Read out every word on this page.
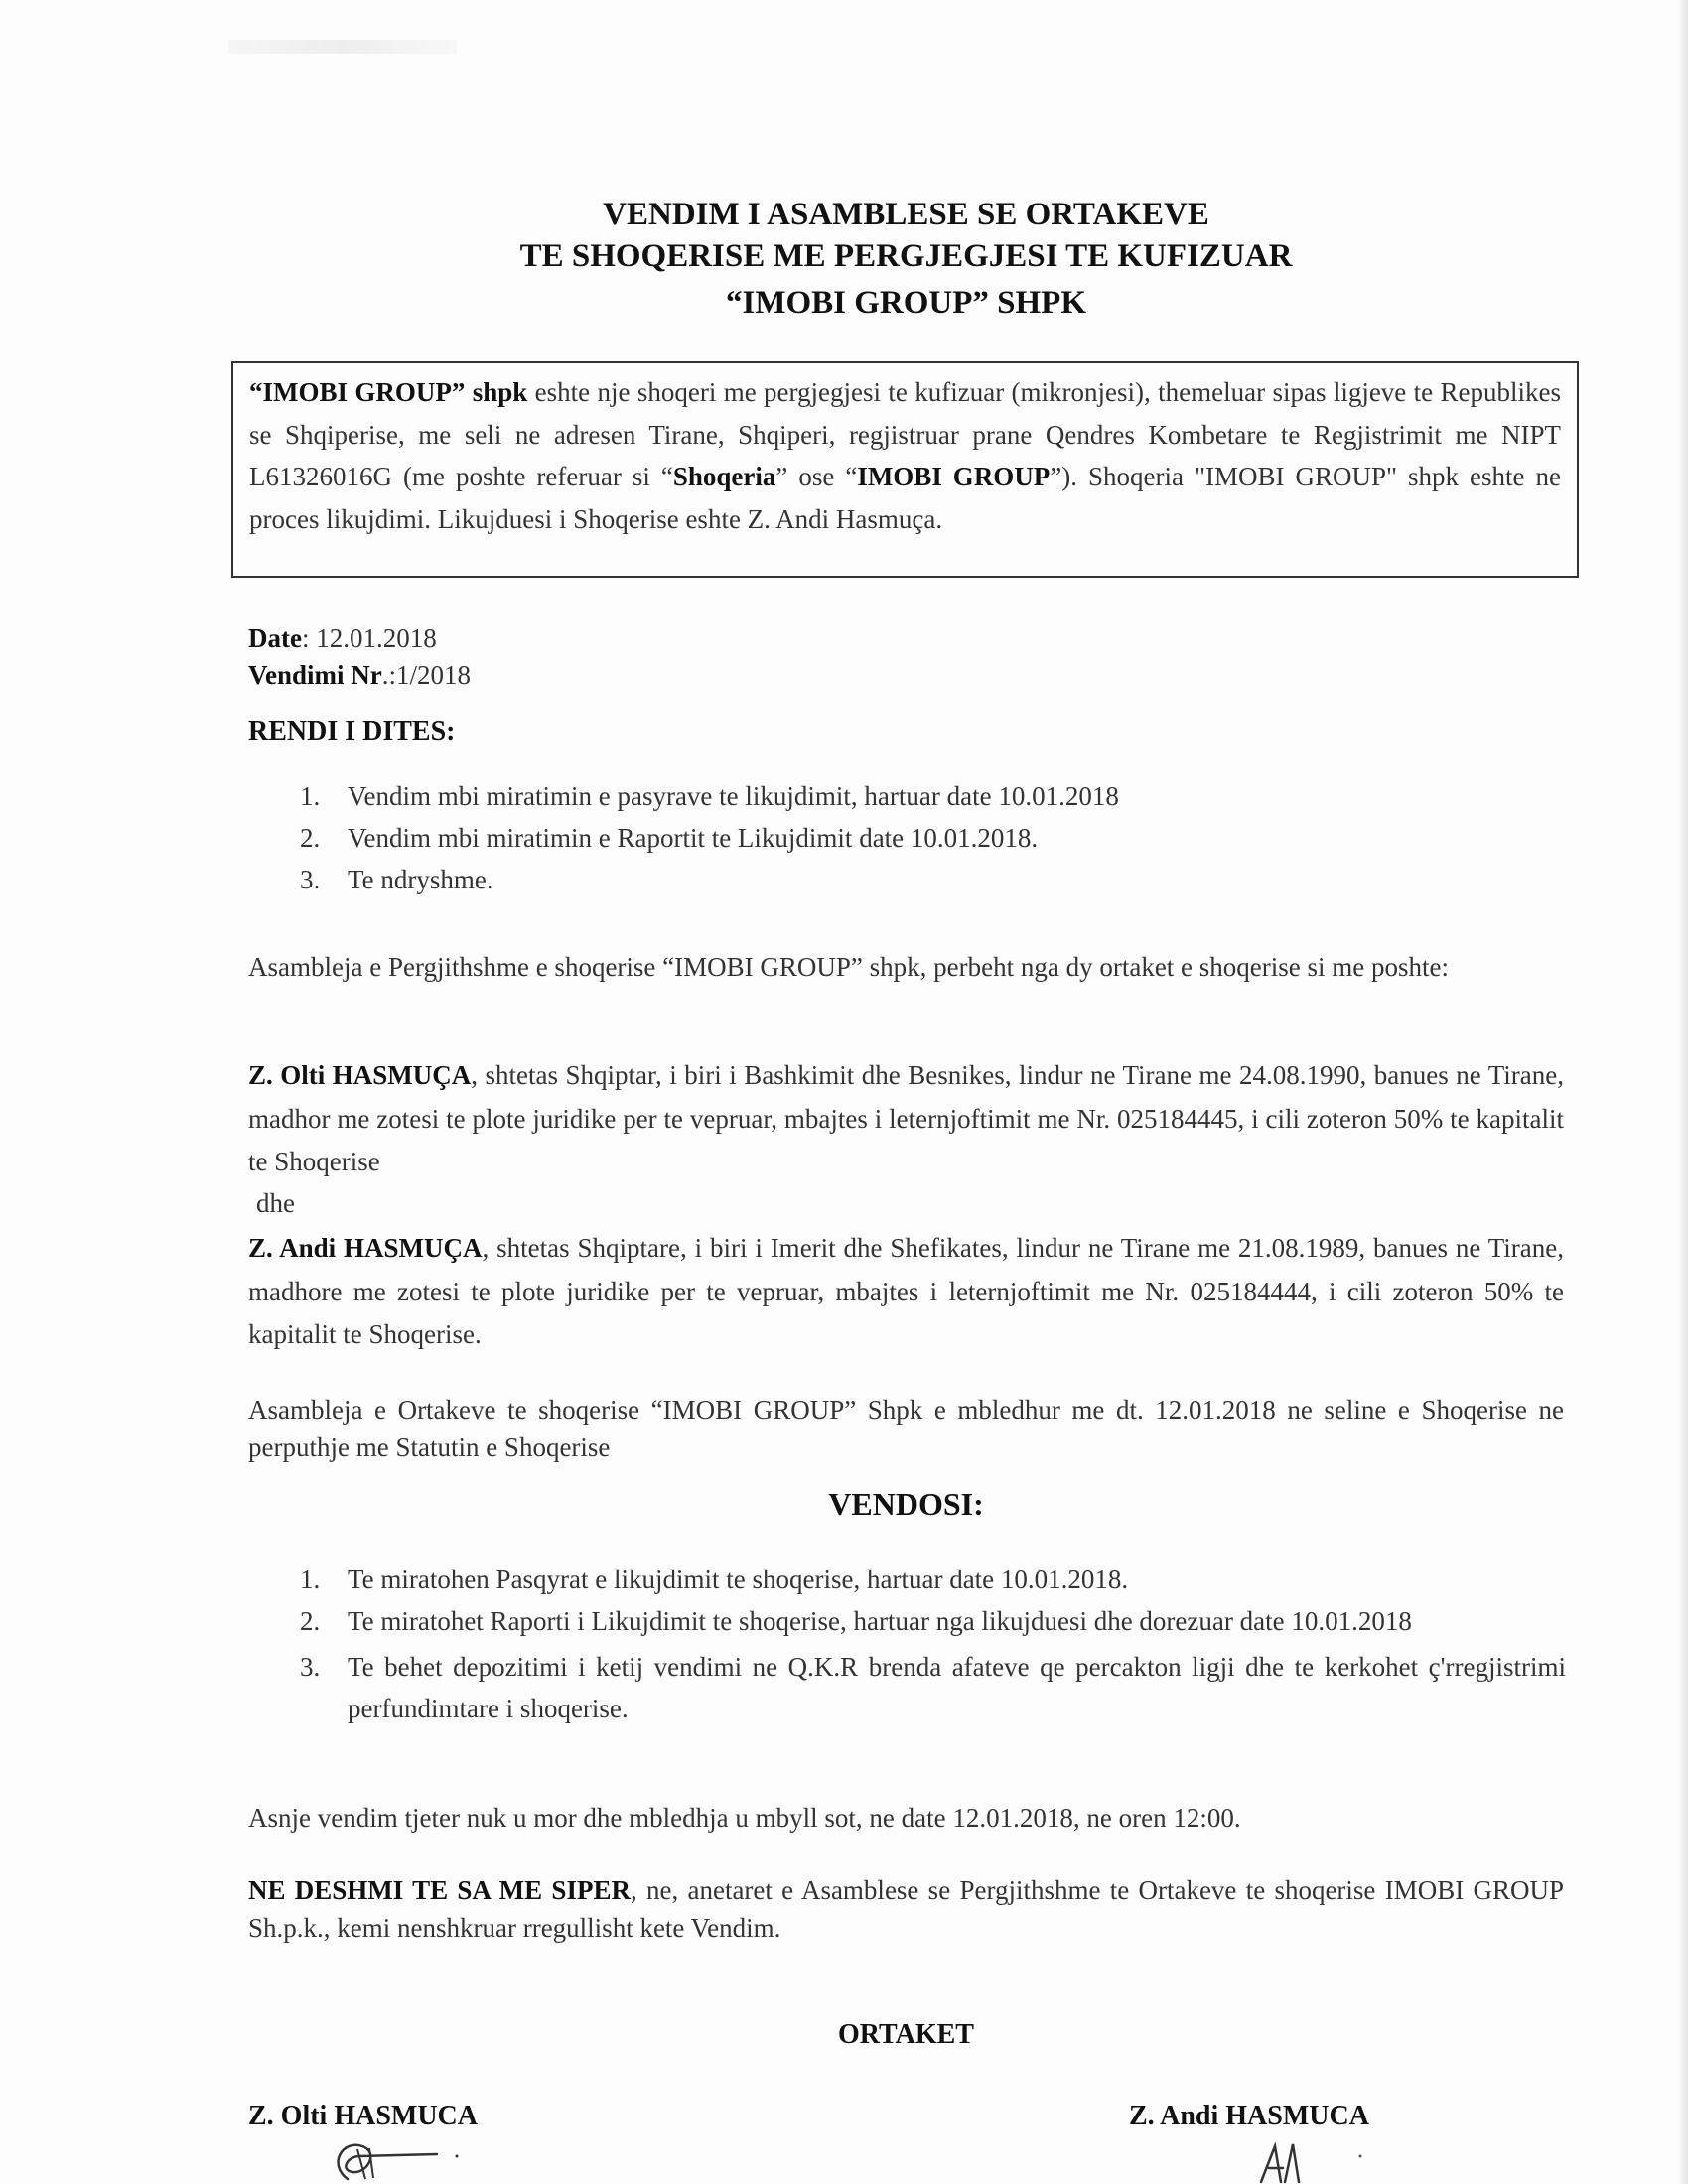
VENDIM I ASAMBLESE SE ORTAKEVE
TE SHOQERISE ME PERGJEGJESI TE KUFIZUAR
“IMOBI GROUP” SHPK

“IMOBI GROUP” shpk eshte nje shoqeri me pergjegjesi te kufizuar (mikronjesi), themeluar sipas ligjeve te Republikes se Shqiperise, me seli ne adresen Tirane, Shqiperi, regjistruar prane Qendres Kombetare te Regjistrimit me NIPT L61326016G (me poshte referuar si “Shoqeria” ose “IMOBI GROUP”). Shoqeria "IMOBI GROUP" shpk eshte ne proces likujdimi. Likujduesi i Shoqerise eshte Z. Andi Hasmuça.

Date: 12.01.2018

Vendimi Nr.:1/2018

RENDI I DITES:
1. Vendim mbi miratimin e pasyrave te likujdimit, hartuar date 10.01.2018
2. Vendim mbi miratimin e Raportit te Likujdimit date 10.01.2018.
3. Te ndryshme.

Asambleja e Pergjithshme e shoqerise “IMOBI GROUP” shpk, perbeht nga dy ortaket e shoqerise si me poshte:

Z. Olti HASMUÇA, shtetas Shqiptar, i biri i Bashkimit dhe Besnikes, lindur ne Tirane me 24.08.1990, banues ne Tirane, madhor me zotesi te plote juridike per te vepruar, mbajtes i leternjoftimit me Nr. 025184445, i cili zoteron 50% te kapitalit te Shoqerise

dhe

Z. Andi HASMUÇA, shtetas Shqiptare, i biri i Imerit dhe Shefikates, lindur ne Tirane me 21.08.1989, banues ne Tirane, madhore me zotesi te plote juridike per te vepruar, mbajtes i leternjoftimit me Nr. 025184444, i cili zoteron 50% te kapitalit te Shoqerise.

Asambleja e Ortakeve te shoqerise “IMOBI GROUP” Shpk e mbledhur me dt. 12.01.2018 ne seline e Shoqerise ne perputhje me Statutin e Shoqerise

VENDOSI:
1. Te miratohen Pasqyrat e likujdimit te shoqerise, hartuar date 10.01.2018.
2. Te miratohet Raporti i Likujdimit te shoqerise, hartuar nga likujduesi dhe dorezuar date 10.01.2018
3. Te behet depozitimi i ketij vendimi ne Q.K.R brenda afateve qe percakton ligji dhe te kerkohet ç'rregjistrimi perfundimtare i shoqerise.

Asnje vendim tjeter nuk u mor dhe mbledhja u mbyll sot, ne date 12.01.2018, ne oren 12:00.

NE DESHMI TE SA ME SIPER, ne, anetaret e Asamblese se Pergjithshme te Ortakeve te shoqerise IMOBI GROUP Sh.p.k., kemi nenshkruar rregullisht kete Vendim.

ORTAKET
Z. Olti HASMUCA	Z. Andi HASMUCA
